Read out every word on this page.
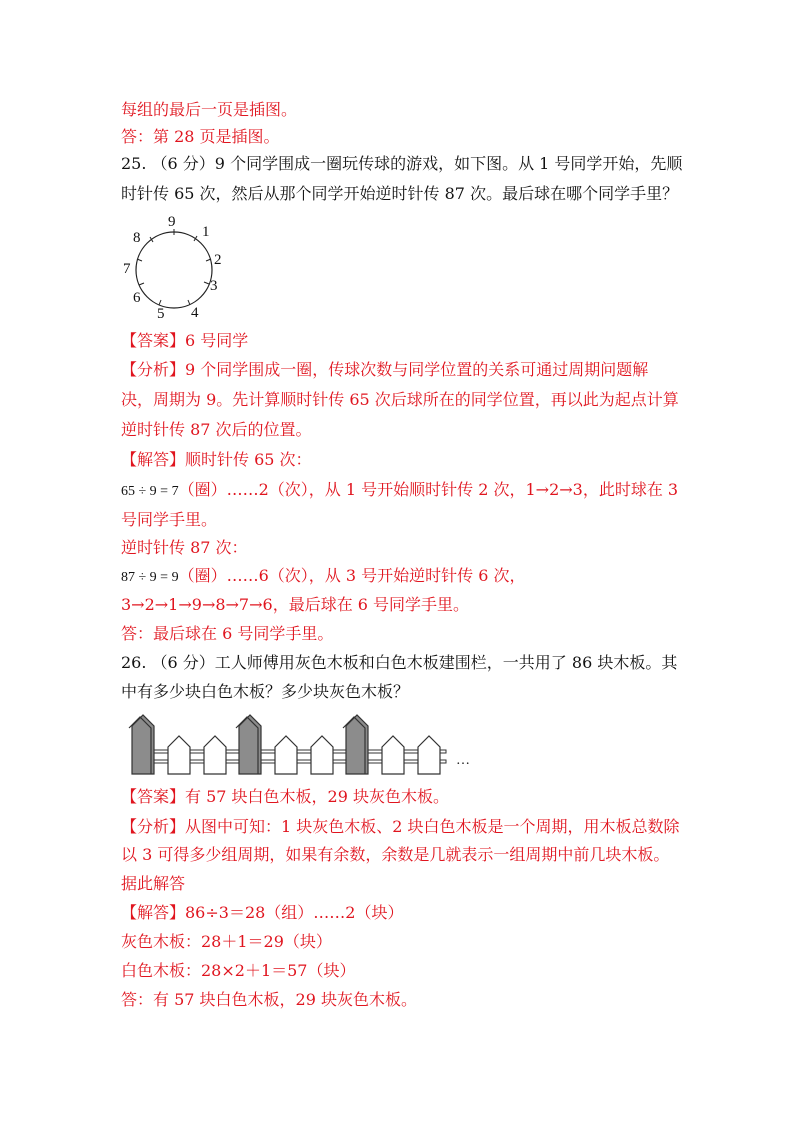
每组的最后一页是插图。
答：第 28 页是插图。
25. （6 分）9 个同学围成一圈玩传球的游戏，如下图。从 1 号同学开始，先顺
时针传 65 次，然后从那个同学开始逆时针传 87 次。最后球在哪个同学手里？
1
2
3
4
5
6
7
8
9
【答案】6 号同学
【分析】9 个同学围成一圈，传球次数与同学位置的关系可通过周期问题解
决，周期为 9。先计算顺时针传 65 次后球所在的同学位置，再以此为起点计算
逆时针传 87 次后的位置。
【解答】顺时针传 65 次：
65 ÷ 9 = 7（圈）……2（次），从 1 号开始顺时针传 2 次，1→2→3，此时球在 3
号同学手里。
逆时针传 87 次：
87 ÷ 9 = 9（圈）……6（次），从 3 号开始逆时针传 6 次，
3→2→1→9→8→7→6，最后球在 6 号同学手里。
答：最后球在 6 号同学手里。
26. （6 分）工人师傅用灰色木板和白色木板建围栏，一共用了 86 块木板。其
中有多少块白色木板？多少块灰色木板？
…
【答案】有 57 块白色木板，29 块灰色木板。
【分析】从图中可知：1 块灰色木板、2 块白色木板是一个周期，用木板总数除
以 3 可得多少组周期，如果有余数，余数是几就表示一组周期中前几块木板。
据此解答
【解答】86÷3＝28（组）……2（块）
灰色木板：28＋1＝29（块）
白色木板：28×2＋1＝57（块）
答：有 57 块白色木板，29 块灰色木板。
